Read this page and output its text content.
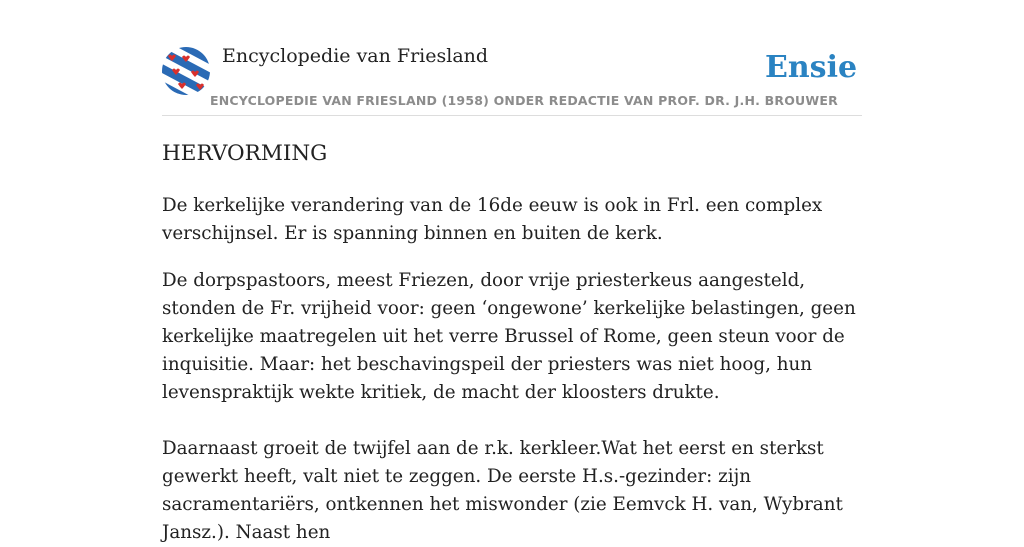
Encyclopedie van Friesland	Ensie
ENCYCLOPEDIE VAN FRIESLAND (1958) ONDER REDACTIE VAN PROF. DR. J.H. BROUWER
HERVORMING

De kerkelijke verandering van de 16de eeuw is ook in Frl. een complex verschijnsel. Er is spanning binnen en buiten de kerk.

De dorpspastoors, meest Friezen, door vrije priesterkeus aangesteld, stonden de Fr. vrijheid voor: geen ‘ongewone’ kerkelijke belastingen, geen kerkelijke maatregelen uit het verre Brussel of Rome, geen steun voor de inquisitie. Maar: het beschavingspeil der priesters was niet hoog, hun levenspraktijk wekte kritiek, de macht der kloosters drukte.

Daarnaast groeit de twijfel aan de r.k. kerkleer.Wat het eerst en sterkst gewerkt heeft, valt niet te zeggen. De eerste H.s.-gezinder: zijn sacramentariërs, ontkennen het miswonder (zie Eemvck H. van, Wybrant Jansz.). Naast hen
